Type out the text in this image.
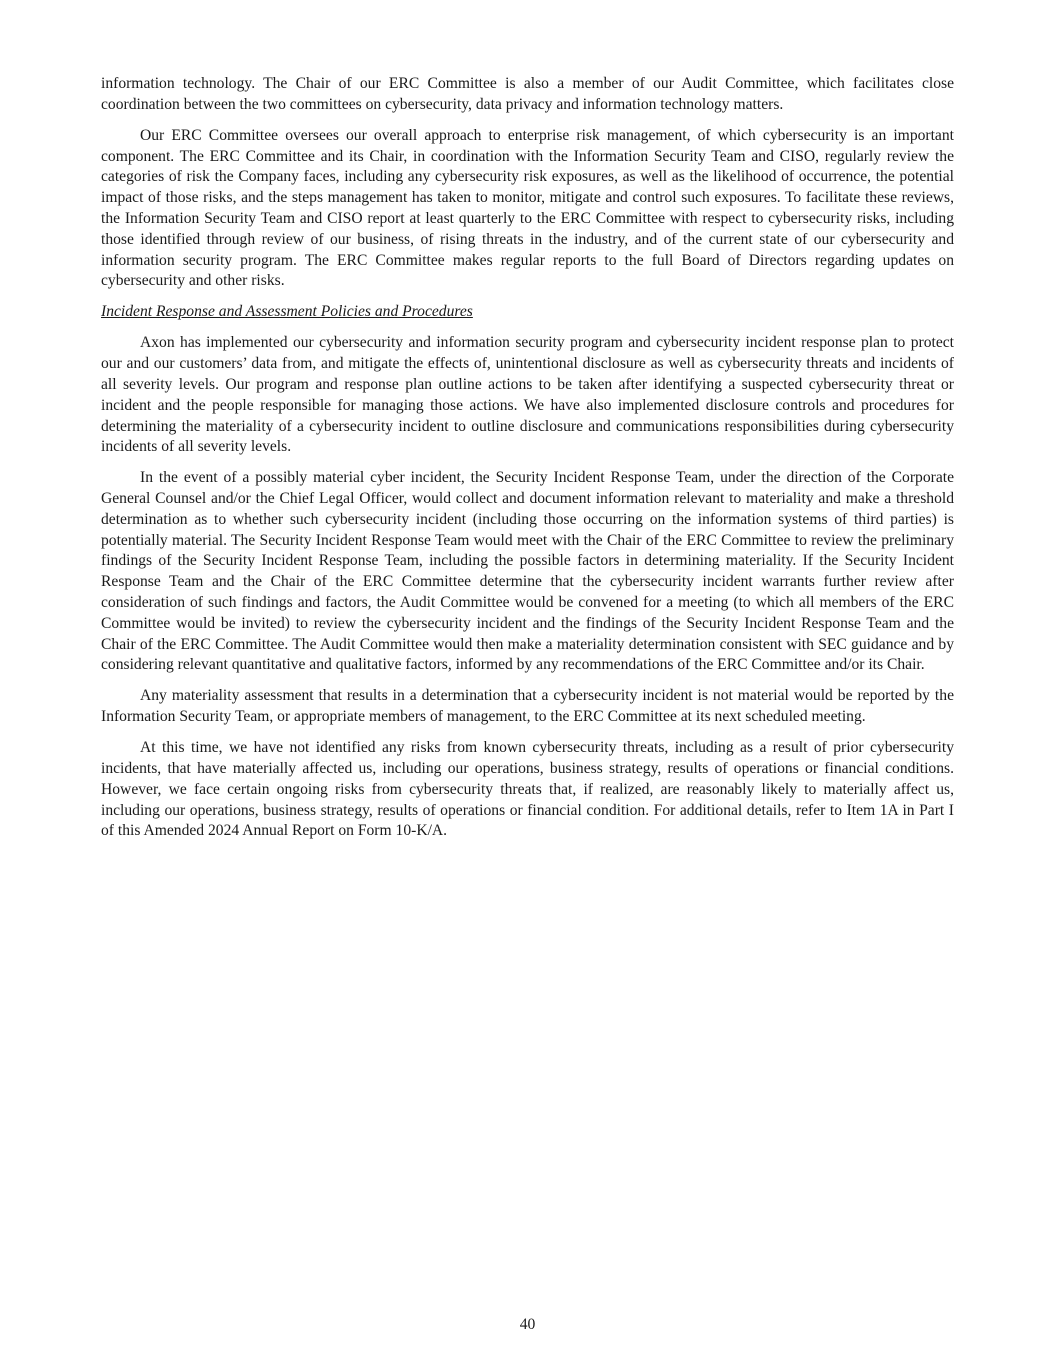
information technology. The Chair of our ERC Committee is also a member of our Audit Committee, which facilitates close coordination between the two committees on cybersecurity, data privacy and information technology matters.

Our ERC Committee oversees our overall approach to enterprise risk management, of which cybersecurity is an important component. The ERC Committee and its Chair, in coordination with the Information Security Team and CISO, regularly review the categories of risk the Company faces, including any cybersecurity risk exposures, as well as the likelihood of occurrence, the potential impact of those risks, and the steps management has taken to monitor, mitigate and control such exposures. To facilitate these reviews, the Information Security Team and CISO report at least quarterly to the ERC Committee with respect to cybersecurity risks, including those identified through review of our business, of rising threats in the industry, and of the current state of our cybersecurity and information security program. The ERC Committee makes regular reports to the full Board of Directors regarding updates on cybersecurity and other risks.

Incident Response and Assessment Policies and Procedures

Axon has implemented our cybersecurity and information security program and cybersecurity incident response plan to protect our and our customers’ data from, and mitigate the effects of, unintentional disclosure as well as cybersecurity threats and incidents of all severity levels. Our program and response plan outline actions to be taken after identifying a suspected cybersecurity threat or incident and the people responsible for managing those actions. We have also implemented disclosure controls and procedures for determining the materiality of a cybersecurity incident to outline disclosure and communications responsibilities during cybersecurity incidents of all severity levels.

In the event of a possibly material cyber incident, the Security Incident Response Team, under the direction of the Corporate General Counsel and/or the Chief Legal Officer, would collect and document information relevant to materiality and make a threshold determination as to whether such cybersecurity incident (including those occurring on the information systems of third parties) is potentially material. The Security Incident Response Team would meet with the Chair of the ERC Committee to review the preliminary findings of the Security Incident Response Team, including the possible factors in determining materiality. If the Security Incident Response Team and the Chair of the ERC Committee determine that the cybersecurity incident warrants further review after consideration of such findings and factors, the Audit Committee would be convened for a meeting (to which all members of the ERC Committee would be invited) to review the cybersecurity incident and the findings of the Security Incident Response Team and the Chair of the ERC Committee. The Audit Committee would then make a materiality determination consistent with SEC guidance and by considering relevant quantitative and qualitative factors, informed by any recommendations of the ERC Committee and/or its Chair.

Any materiality assessment that results in a determination that a cybersecurity incident is not material would be reported by the Information Security Team, or appropriate members of management, to the ERC Committee at its next scheduled meeting.

At this time, we have not identified any risks from known cybersecurity threats, including as a result of prior cybersecurity incidents, that have materially affected us, including our operations, business strategy, results of operations or financial conditions. However, we face certain ongoing risks from cybersecurity threats that, if realized, are reasonably likely to materially affect us, including our operations, business strategy, results of operations or financial condition. For additional details, refer to Item 1A in Part I of this Amended 2024 Annual Report on Form 10-K/A.

40
